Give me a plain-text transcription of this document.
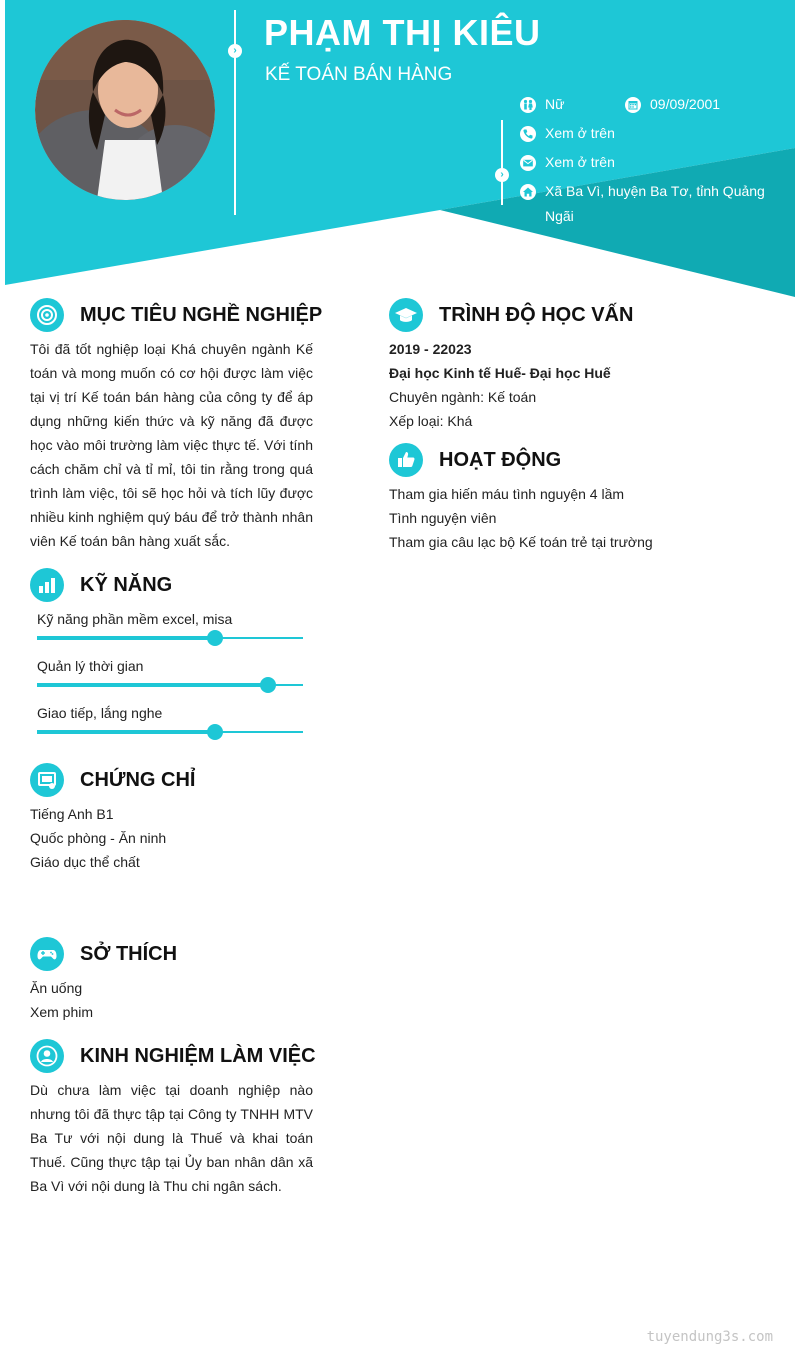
›
›
PHẠM THỊ KIÊU
KẾ TOÁN BÁN HÀNG
Nữ	09/09/2001
Xem ở trên
Xem ở trên
Xã Ba Vì, huyện Ba Tơ, tỉnh Quảng
Ngãi
MỤC TIÊU NGHỀ NGHIỆP
Tôi đã tốt nghiệp loại Khá chuyên ngành Kế toán và mong muốn có cơ hội được làm việc tại vị trí Kế toán bán hàng của công ty để áp dụng những kiến thức và kỹ năng đã được học vào môi trường làm việc thực tế. Với tính cách chăm chỉ và tỉ mỉ, tôi tin rằng trong quá trình làm việc, tôi sẽ học hỏi và tích lũy được nhiều kinh nghiệm quý báu để trở thành nhân viên Kế toán bân hàng xuất sắc.
KỸ NĂNG
Kỹ năng phần mềm excel, misa
Quản lý thời gian
Giao tiếp, lắng nghe
CHỨNG CHỈ
Tiếng Anh B1
Quốc phòng - Ăn ninh
Giáo dục thể chất
SỞ THÍCH
Ăn uống
Xem phim
KINH NGHIỆM LÀM VIỆC
Dù chưa làm việc tại doanh nghiệp nào nhưng tôi đã thực tập tại Công ty TNHH MTV Ba Tư với nội dung là Thuế và khai toán Thuế. Cũng thực tập tại Ủy ban nhân dân xã Ba Vì với nội dung là Thu chi ngân sách.
TRÌNH ĐỘ HỌC VẤN
2019 - 22023
Đại học Kinh tế Huế- Đại học Huế
Chuyên ngành: Kế toán
Xếp loại: Khá
HOẠT ĐỘNG
Tham gia hiến máu tình nguyện 4 lầm
Tình nguyện viên
Tham gia câu lạc bộ Kế toán trẻ tại trường
tuyendung3s.com
